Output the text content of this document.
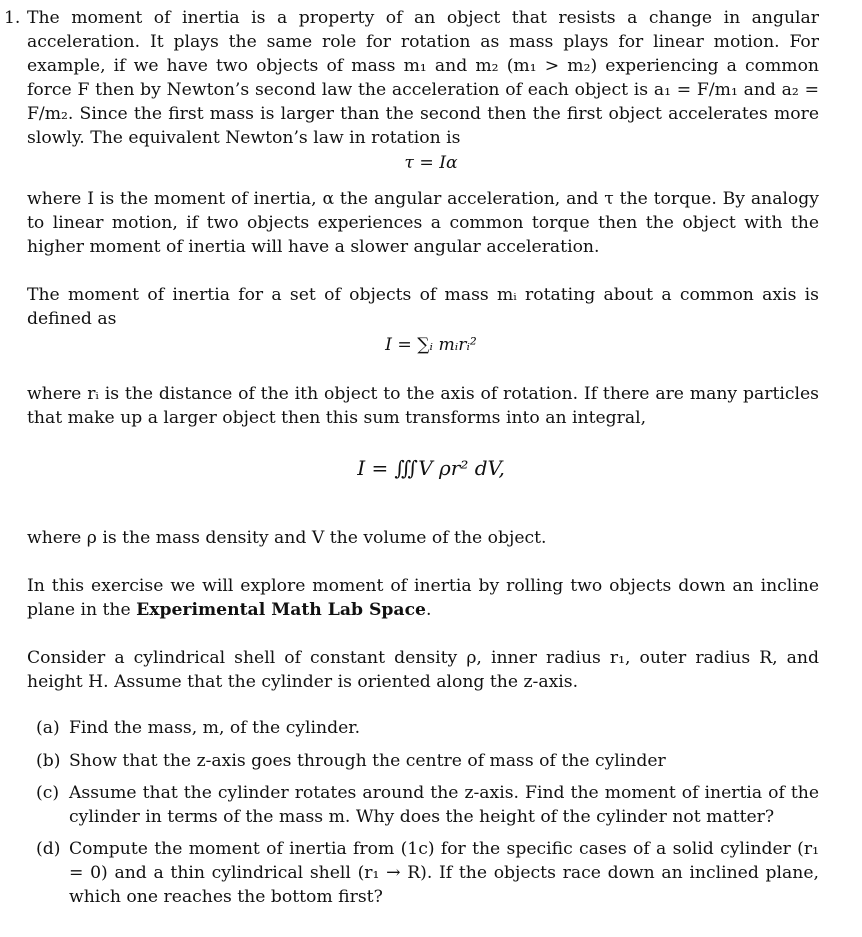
1. The moment of inertia is a property of an object that resists a change in angular acceleration. It plays the same role for rotation as mass plays for linear motion. For example, if we have two objects of mass m₁ and m₂ (m₁ > m₂) experiencing a common force F then by Newton’s second law the acceleration of each object is a₁ = F/m₁ and a₂ = F/m₂. Since the first mass is larger than the second then the first object accelerates more slowly. The equivalent Newton’s law in rotation is
τ = Iα
where I is the moment of inertia, α the angular acceleration, and τ the torque. By analogy to linear motion, if two objects experiences a common torque then the object with the higher moment of inertia will have a slower angular acceleration.
The moment of inertia for a set of objects of mass mᵢ rotating about a common axis is defined as
I = ∑ᵢ mᵢrᵢ²
where rᵢ is the distance of the ith object to the axis of rotation. If there are many particles that make up a larger object then this sum transforms into an integral,
I = ∭V ρr² dV,
where ρ is the mass density and V the volume of the object.
In this exercise we will explore moment of inertia by rolling two objects down an incline plane in the Experimental Math Lab Space.
Consider a cylindrical shell of constant density ρ, inner radius r₁, outer radius R, and height H. Assume that the cylinder is oriented along the z-axis.
(a) Find the mass, m, of the cylinder.
(b) Show that the z-axis goes through the centre of mass of the cylinder
(c) Assume that the cylinder rotates around the z-axis. Find the moment of inertia of the cylinder in terms of the mass m. Why does the height of the cylinder not matter?
(d) Compute the moment of inertia from (1c) for the specific cases of a solid cylinder (r₁ = 0) and a thin cylindrical shell (r₁ → R). If the objects race down an inclined plane, which one reaches the bottom first?
